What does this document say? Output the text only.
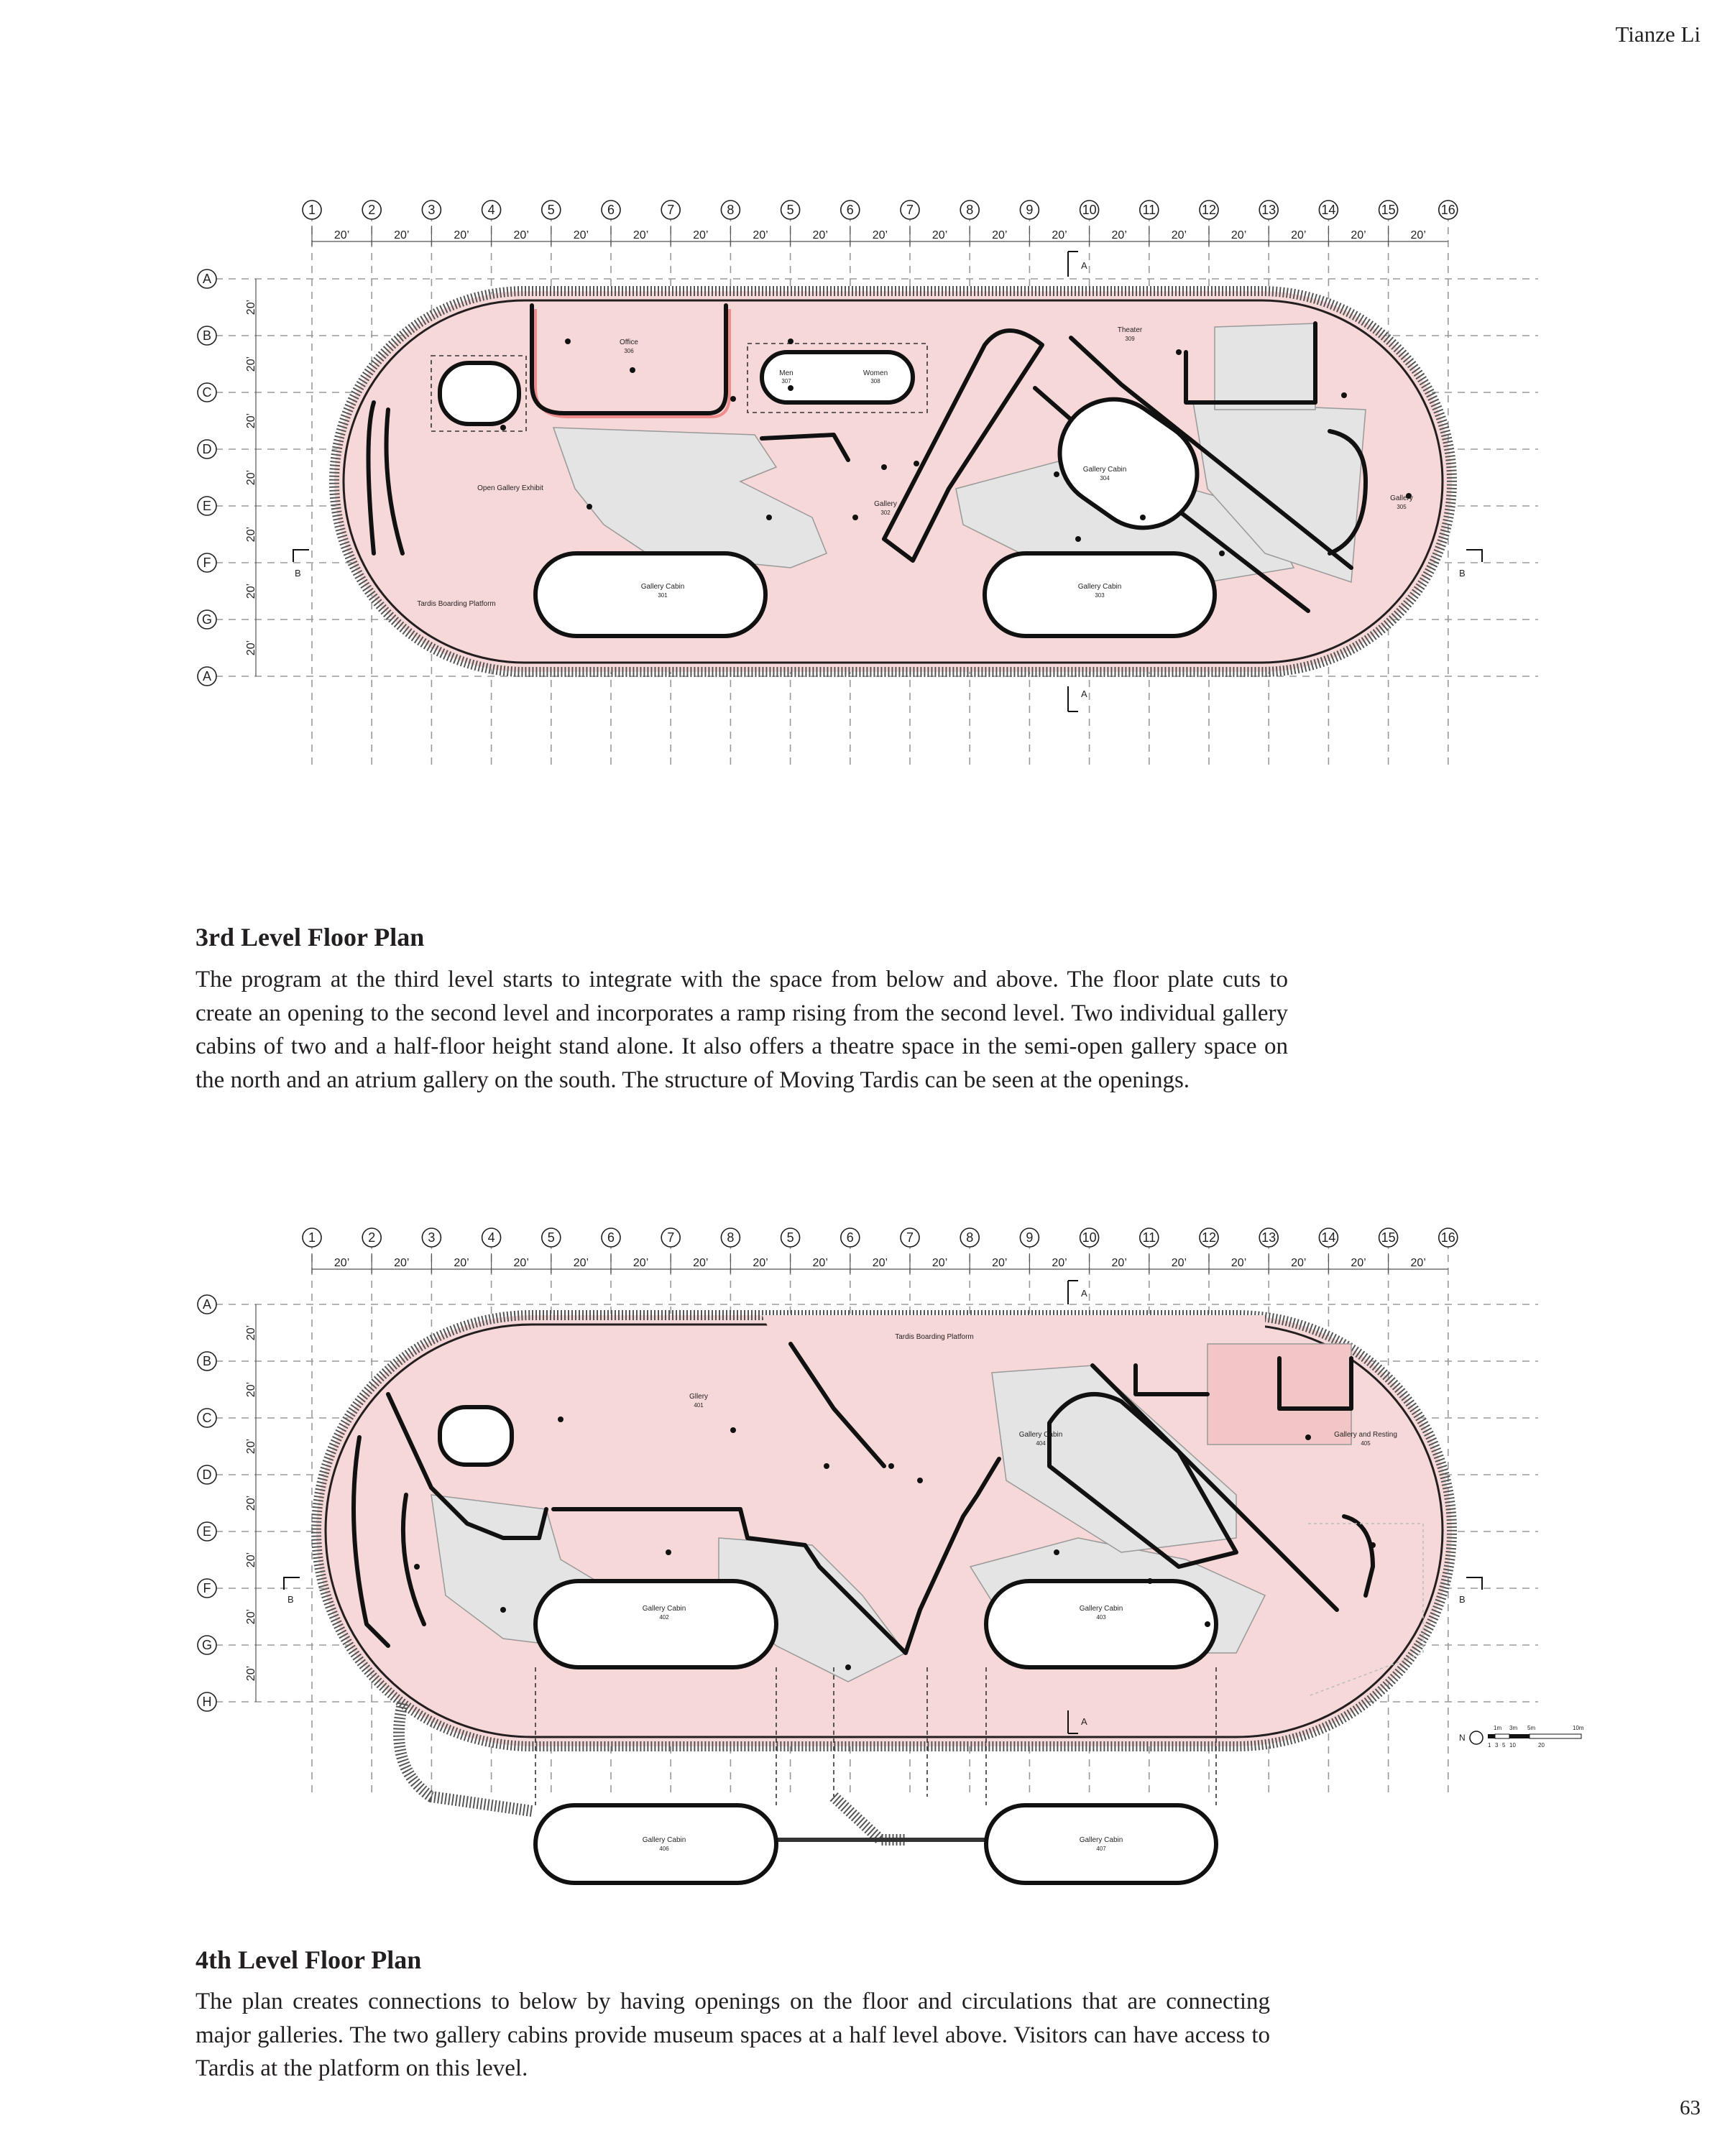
Tianze Li
1	2	3	4	5	6	7	8	5	6	7	8	9	10	11	12	13	14	15	16
20’	20’	20’	20’	20’	20’	20’	20’	20’	20’	20’	20’	20’	20’	20’	20’	20’	20’	20’
A
B
C
D
E
F
G
A
20’
20’
20’
20’
20’
20’
20’
Office
306
Men
307
Women
308
Theater
309
Open Gallery Exhibit
Gallery
302
Gallery Cabin
304
Gallery
305
Gallery Cabin
301
Gallery Cabin
303
Tardis Boarding Platform
A
A
B	B
3rd Level Floor Plan
The program at the third level starts to integrate with the space from below and above. The floor plate cuts to create an opening to the second level and incorporates a ramp rising from the second level. Two individual gallery cabins of two and a half-floor height stand alone. It also offers a theatre space in the semi-open gallery space on the north and an atrium gallery on the south. The structure of Moving Tardis can be seen at the openings.
1	2	3	4	5	6	7	8	5	6	7	8	9	10	11	12	13	14	15	16
20’	20’	20’	20’	20’	20’	20’	20’	20’	20’	20’	20’	20’	20’	20’	20’	20’	20’	20’
A
B
C
D
E
F
G
H
20’
20’
20’
20’
20’
20’
20’
Tardis Boarding Platform
Gllery
401
Gallery Cabin
404
Gallery and Resting
405
Gallery Cabin
402
Gallery Cabin
403
Gallery Cabin
406
Gallery Cabin
407
A
A
B	B
N
1m 3m 5m	10m
1 3 5 10	20
4th Level Floor Plan
The plan creates connections to below by having openings on the floor and circulations that are connecting major galleries. The two gallery cabins provide museum spaces at a half level above. Visitors can have access to Tardis at the platform on this level.
63
